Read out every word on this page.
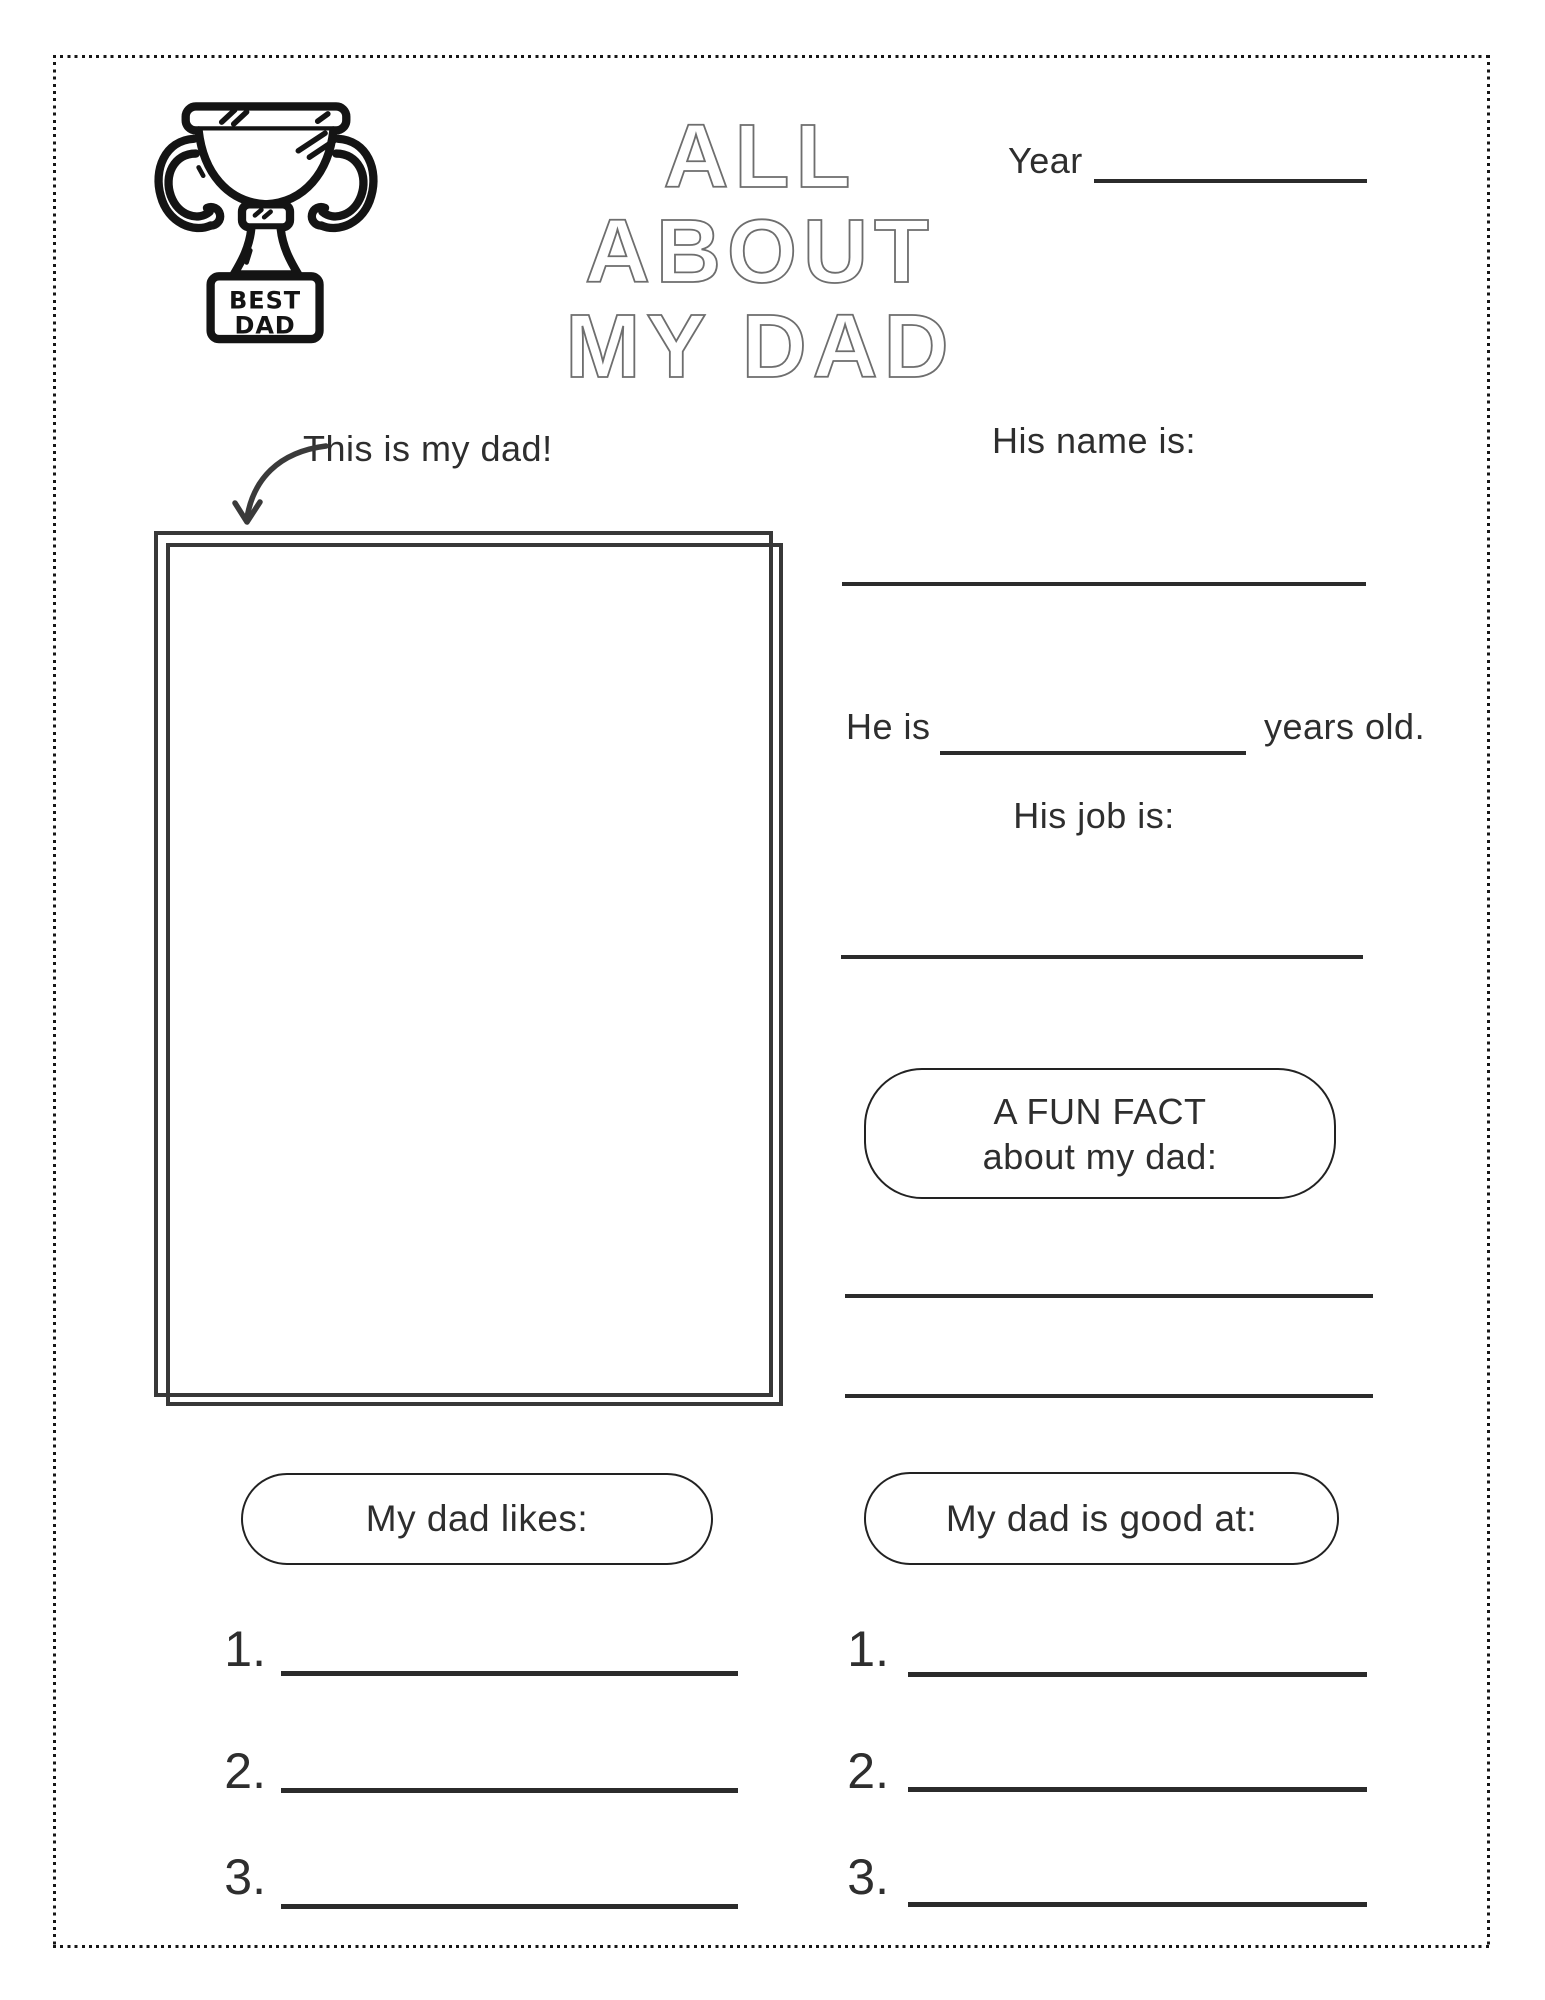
BEST
DAD
ALL
ABOUT
MY DAD
Year
This is my dad!	His name is:
He is	years old.
His job is:
A FUN FACT
about my dad:
My dad likes:	My dad is good at:
1.
2.
3.
1.
2.
3.
